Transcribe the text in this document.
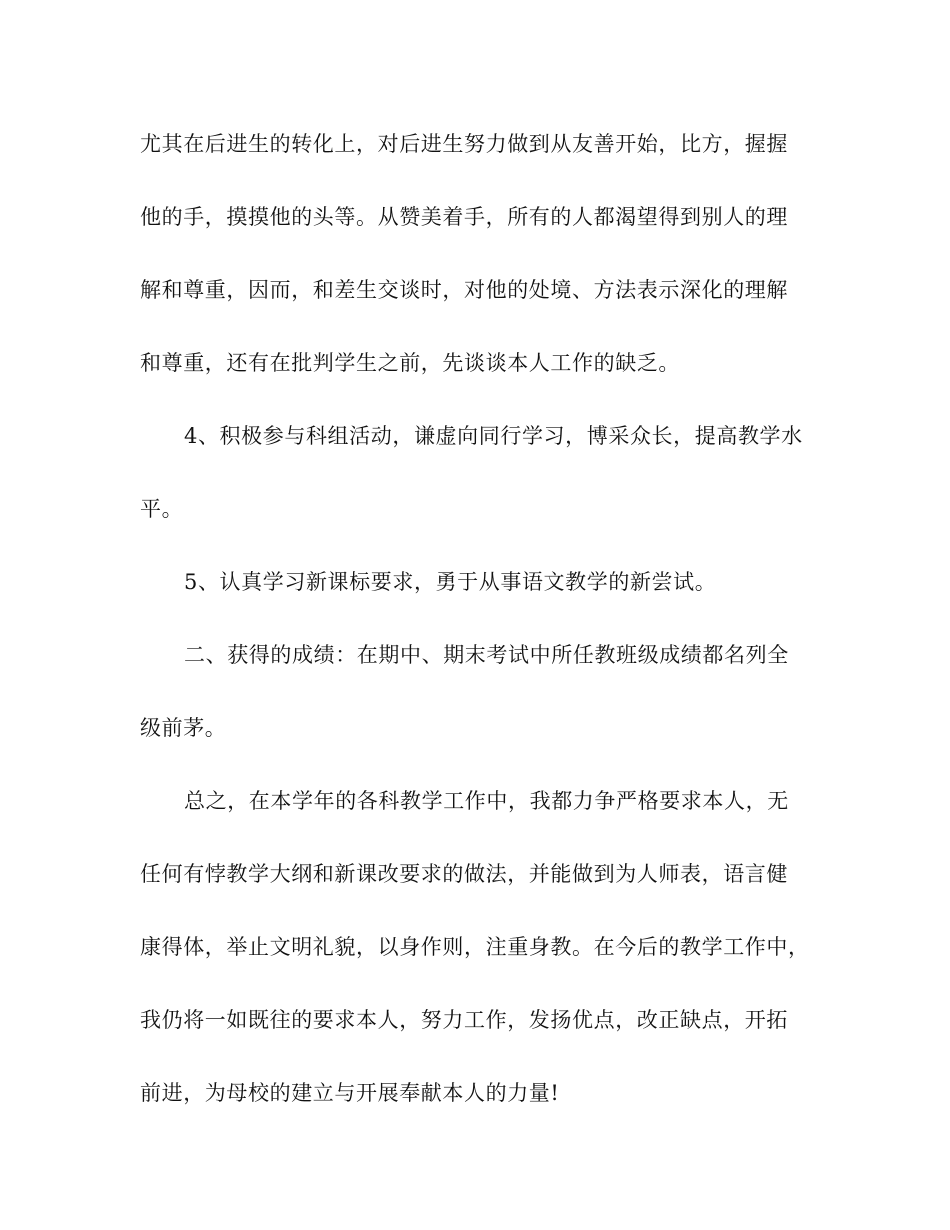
尤其在后进生的转化上，对后进生努力做到从友善开始，比方，握握
他的手，摸摸他的头等。从赞美着手，所有的人都渴望得到别人的理
解和尊重，因而，和差生交谈时，对他的处境、方法表示深化的理解
和尊重，还有在批判学生之前，先谈谈本人工作的缺乏。
4、积极参与科组活动，谦虚向同行学习，博采众长，提高教学水
平。
5、认真学习新课标要求，勇于从事语文教学的新尝试。
二、获得的成绩：在期中、期末考试中所任教班级成绩都名列全
级前茅。
总之，在本学年的各科教学工作中，我都力争严格要求本人，无
任何有悖教学大纲和新课改要求的做法，并能做到为人师表，语言健
康得体，举止文明礼貌，以身作则，注重身教。在今后的教学工作中，
我仍将一如既往的要求本人，努力工作，发扬优点，改正缺点，开拓
前进，为母校的建立与开展奉献本人的力量!
